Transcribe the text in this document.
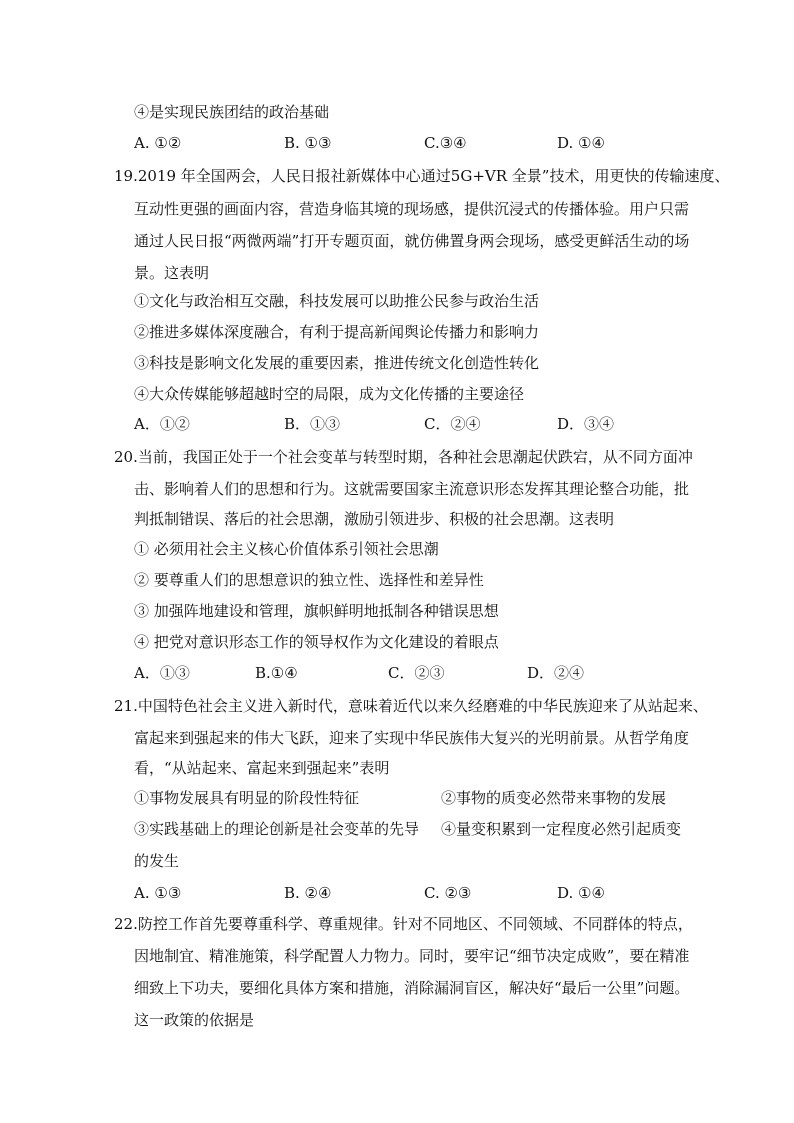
④是实现民族团结的政治基础
A. ①②	B. ①③	C.③④	D. ①④
19.2019 年全国两会，人民日报社新媒体中心通过5G+VR 全景”技术，用更快的传输速度、
互动性更强的画面内容，营造身临其境的现场感，提供沉浸式的传播体验。用户只需
通过人民日报“两微两端”打开专题页面，就仿佛置身两会现场，感受更鲜活生动的场
景。这表明
①文化与政治相互交融，科技发展可以助推公民参与政治生活
②推进多媒体深度融合，有利于提高新闻舆论传播力和影响力
③科技是影响文化发展的重要因素，推进传统文化创造性转化
④大众传媒能够超越时空的局限，成为文化传播的主要途径
A．①②	B．①③	C．②④	D．③④
20.当前，我国正处于一个社会变革与转型时期，各种社会思潮起伏跌宕，从不同方面冲
击、影响着人们的思想和行为。这就需要国家主流意识形态发挥其理论整合功能，批
判抵制错误、落后的社会思潮，激励引领进步、积极的社会思潮。这表明
① 必须用社会主义核心价值体系引领社会思潮
② 要尊重人们的思想意识的独立性、选择性和差异性
③ 加强阵地建设和管理，旗帜鲜明地抵制各种错误思想
④ 把党对意识形态工作的领导权作为文化建设的着眼点
A．①③	B.①④	C．②③	D．②④
21.中国特色社会主义进入新时代，意味着近代以来久经磨难的中华民族迎来了从站起来、
富起来到强起来的伟大飞跃，迎来了实现中华民族伟大复兴的光明前景。从哲学角度
看，“从站起来、富起来到强起来”表明
①事物发展具有明显的阶段性特征	②事物的质变必然带来事物的发展
③实践基础上的理论创新是社会变革的先导 ④量变积累到一定程度必然引起质变
的发生
A. ①③	B. ②④	C. ②③	D. ①④
22.防控工作首先要尊重科学、尊重规律。针对不同地区、不同领域、不同群体的特点，
因地制宜、精准施策，科学配置人力物力。同时，要牢记“细节决定成败”，要在精准
细致上下功夫，要细化具体方案和措施，消除漏洞盲区，解决好“最后一公里”问题。
这一政策的依据是
